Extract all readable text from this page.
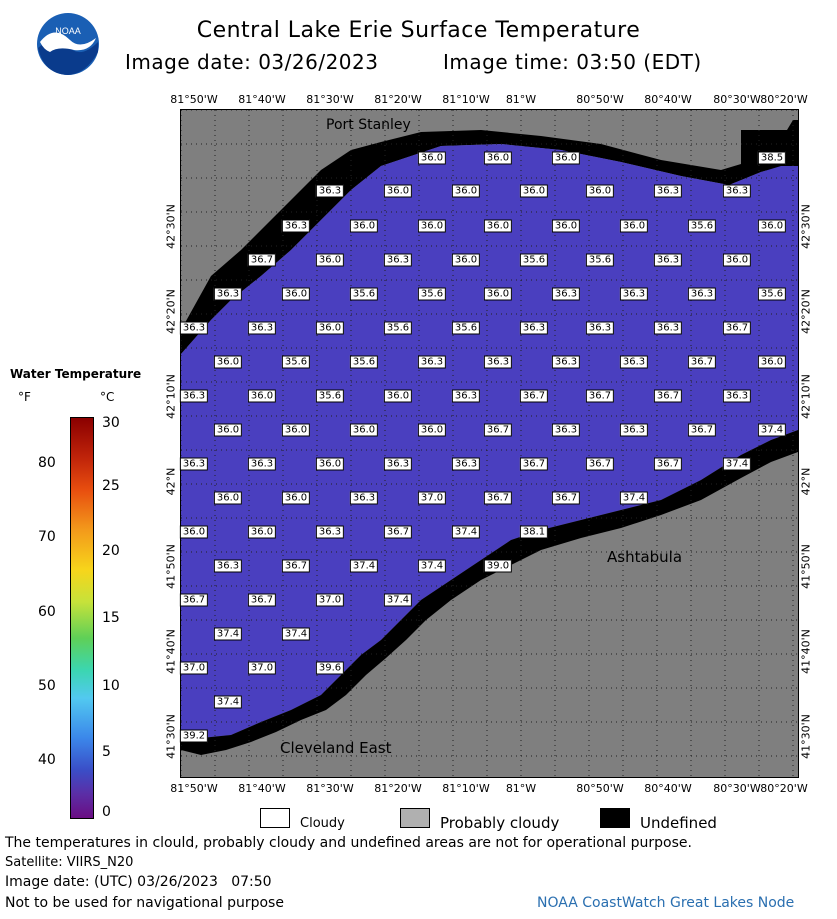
NOAA	Central Lake Erie Surface Temperature
Image date: 03/26/2023	Image time: 03:50 (EDT)
81°50'W 81°40'W 81°30'W 81°20'W 81°10'W 81°W	80°50'W 80°40'W 80°30'W 80°20'W
81°50'W 81°40'W 81°30'W 81°20'W 81°10'W 81°W	80°50'W 80°40'W 80°30'W 80°20'W
42°30'N
42°20'N
42°10'N
42°N
41°50'N
41°40'N
41°30'N
42°30'N
42°20'N
42°10'N
42°N
41°50'N
41°40'N
41°30'N
36.0	36.0	36.0	38.5
36.3	36.0	36.0	36.0	36.0	36.3	36.3
36.3	36.0	36.0	36.0	36.0	36.0	35.6	36.0
36.7	36.0	36.3	36.0	35.6	35.6	36.3	36.0
36.3	36.0	35.6	35.6	36.0	36.3	36.3	36.3	35.6
36.3	36.3	36.0	35.6	35.6	36.3	36.3	36.3	36.7
36.0	35.6	35.6	36.3	36.3	36.3	36.3	36.7	36.0
36.3	36.0	35.6	36.0	36.3	36.7	36.7	36.7	36.3
36.0	36.0	36.0	36.0	36.7	36.3	36.3	36.7	37.4
36.3	36.3	36.0	36.3	36.3	36.7	36.7	36.7	37.4
36.0	36.0	36.3	37.0	36.7	36.7	37.4
36.0	36.0	36.3	36.7	37.4	38.1
36.3	36.7	37.4	37.4	39.0
36.7	36.7	37.0	37.4
37.4	37.4
37.0	37.0	39.6
37.4
39.2
Port Stanley
Ashtabula
Cleveland East
Water Temperature
°F	°C
80
70
60
50
40
30
25
20
15
10
5
0
Cloudy	Probably cloudy	Undefined
The temperatures in clould, probably cloudy and undefined areas are not for operational purpose.
Satellite: VIIRS_N20
Image date: (UTC) 03/26/2023   07:50
Not to be used for navigational purpose	NOAA CoastWatch Great Lakes Node
